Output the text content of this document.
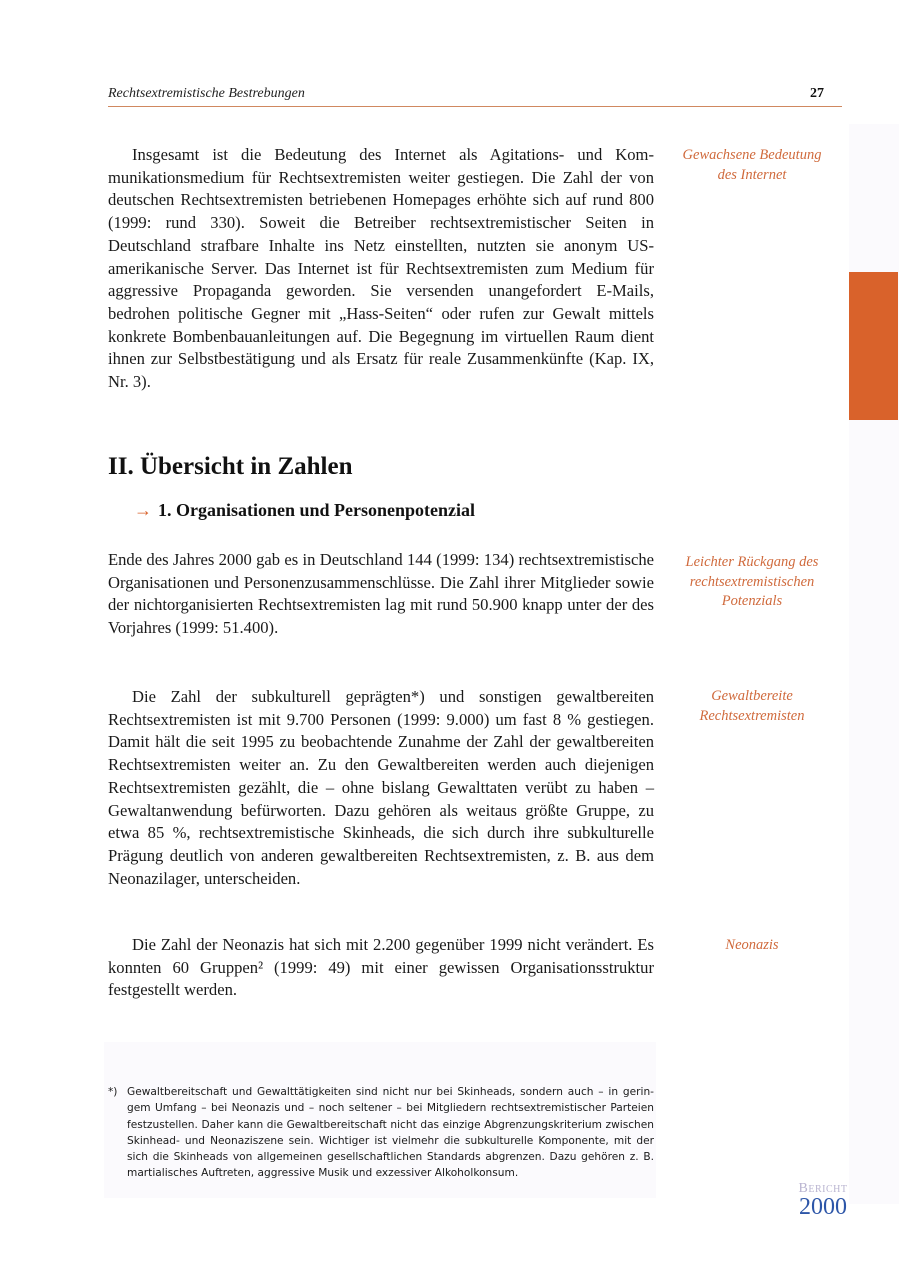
Rechtsextremistische Bestrebungen	27

Insgesamt ist die Bedeutung des Internet als Agitations- und Kommunikationsmedium für Rechtsextremisten weiter gestiegen. Die Zahl der von deutschen Rechtsextremisten betriebenen Homepages erhöhte sich auf rund 800 (1999: rund 330). Soweit die Betreiber rechtsextremistischer Seiten in Deutschland strafbare Inhalte ins Netz einstellten, nutzten sie anonym US-amerikanische Server. Das Internet ist für Rechtsextremisten zum Medium für aggressive Propaganda geworden. Sie versenden unangefordert E-Mails, bedrohen politische Gegner mit „Hass-Seiten“ oder rufen zur Gewalt mittels konkrete Bombenbauanleitungen auf. Die Begegnung im virtuellen Raum dient ihnen zur Selbstbestätigung und als Ersatz für reale Zusammenkünfte (Kap. IX, Nr. 3).

Gewachsene Bedeutung des Internet
II. Übersicht in Zahlen
→ 1. Organisationen und Personenpotenzial

Ende des Jahres 2000 gab es in Deutschland 144 (1999: 134) rechtsextremistische Organisationen und Personenzusammenschlüsse. Die Zahl ihrer Mitglieder sowie der nichtorganisierten Rechtsextremisten lag mit rund 50.900 knapp unter der des Vorjahres (1999: 51.400).

Leichter Rückgang des rechtsextremistischen Potenzials

Die Zahl der subkulturell geprägten*) und sonstigen gewaltbereiten Rechtsextremisten ist mit 9.700 Personen (1999: 9.000) um fast 8 % gestiegen. Damit hält die seit 1995 zu beobachtende Zunahme der Zahl der gewaltbereiten Rechtsextremisten weiter an. Zu den Gewaltbereiten werden auch diejenigen Rechtsextremisten gezählt, die – ohne bislang Gewalttaten verübt zu haben – Gewaltanwendung befürworten. Dazu gehören als weitaus größte Gruppe, zu etwa 85 %, rechtsextremistische Skinheads, die sich durch ihre subkulturelle Prägung deutlich von anderen gewaltbereiten Rechtsextremisten, z. B. aus dem Neonazilager, unterscheiden.

Gewaltbereite Rechtsextremisten

Die Zahl der Neonazis hat sich mit 2.200 gegenüber 1999 nicht verändert. Es konnten 60 Gruppen² (1999: 49) mit einer gewissen Organisationsstruktur festgestellt werden.

Neonazis
*) Gewaltbereitschaft und Gewalttätigkeiten sind nicht nur bei Skinheads, sondern auch – in geringem Umfang – bei Neonazis und – noch seltener – bei Mitgliedern rechtsextremistischer Parteien festzustellen. Daher kann die Gewaltbereitschaft nicht das einzige Abgrenzungskriterium zwischen Skinhead- und Neonaziszene sein. Wichtiger ist vielmehr die subkulturelle Komponente, mit der sich die Skinheads von allgemeinen gesellschaftlichen Standards abgrenzen. Dazu gehören z. B. martialisches Auftreten, aggressive Musik und exzessiver Alkoholkonsum.
Bericht
2000
